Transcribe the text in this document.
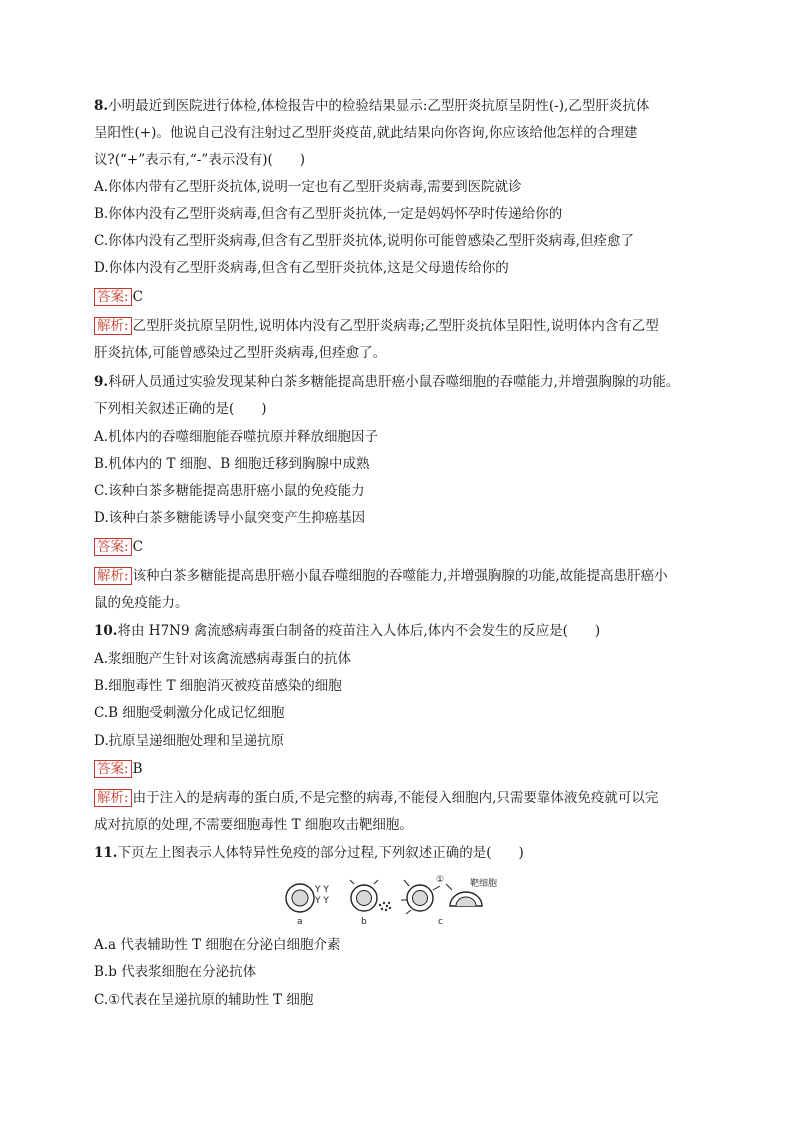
8.小明最近到医院进行体检,体检报告中的检验结果显示:乙型肝炎抗原呈阴性(-),乙型肝炎抗体
呈阳性(+)。他说自己没有注射过乙型肝炎疫苗,就此结果向你咨询,你应该给他怎样的合理建
议?(“+”表示有,“-”表示没有)(　　)
A.你体内带有乙型肝炎抗体,说明一定也有乙型肝炎病毒,需要到医院就诊
B.你体内没有乙型肝炎病毒,但含有乙型肝炎抗体,一定是妈妈怀孕时传递给你的
C.你体内没有乙型肝炎病毒,但含有乙型肝炎抗体,说明你可能曾感染乙型肝炎病毒,但痊愈了
D.你体内没有乙型肝炎病毒,但含有乙型肝炎抗体,这是父母遗传给你的
答案: C
解析: 乙型肝炎抗原呈阴性,说明体内没有乙型肝炎病毒;乙型肝炎抗体呈阳性,说明体内含有乙型
肝炎抗体,可能曾感染过乙型肝炎病毒,但痊愈了。
9.科研人员通过实验发现某种白茶多糖能提高患肝癌小鼠吞噬细胞的吞噬能力,并增强胸腺的功能。
下列相关叙述正确的是(　　)
A.机体内的吞噬细胞能吞噬抗原并释放细胞因子
B.机体内的 T 细胞、B 细胞迁移到胸腺中成熟
C.该种白茶多糖能提高患肝癌小鼠的免疫能力
D.该种白茶多糖能诱导小鼠突变产生抑癌基因
答案: C
解析: 该种白茶多糖能提高患肝癌小鼠吞噬细胞的吞噬能力,并增强胸腺的功能,故能提高患肝癌小
鼠的免疫能力。
10.将由 H7N9 禽流感病毒蛋白制备的疫苗注入人体后,体内不会发生的反应是(　　)
A.浆细胞产生针对该禽流感病毒蛋白的抗体
B.细胞毒性 T 细胞消灭被疫苗感染的细胞
C.B 细胞受刺激分化成记忆细胞
D.抗原呈递细胞处理和呈递抗原
答案: B
解析: 由于注入的是病毒的蛋白质,不是完整的病毒,不能侵入细胞内,只需要靠体液免疫就可以完
成对抗原的处理,不需要细胞毒性 T 细胞攻击靶细胞。
11.下页左上图表示人体特异性免疫的部分过程,下列叙述正确的是(　　)
Y Y
Y Y
a	b
①
c
靶细胞
A.a 代表辅助性 T 细胞在分泌白细胞介素
B.b 代表浆细胞在分泌抗体
C.①代表在呈递抗原的辅助性 T 细胞
